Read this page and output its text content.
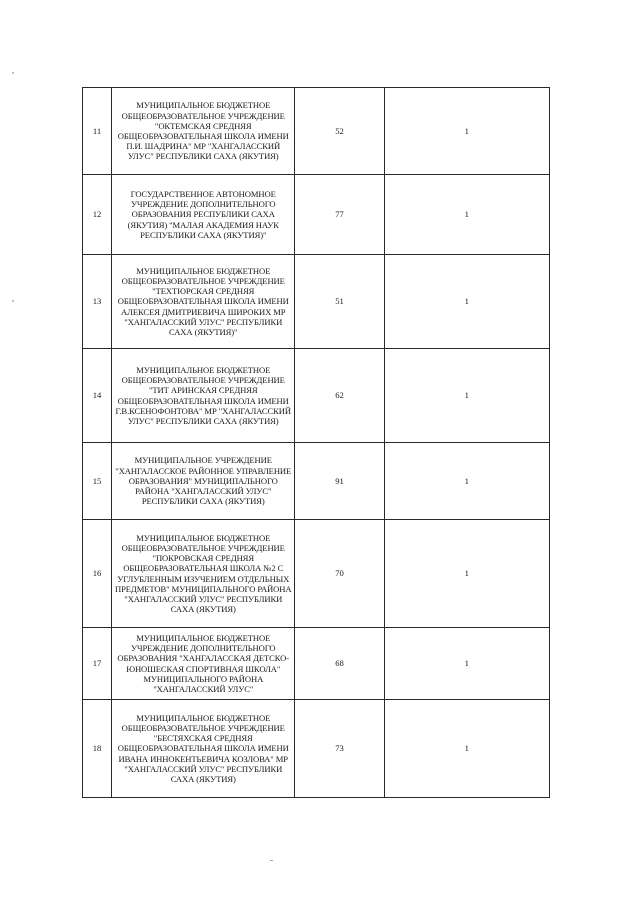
11	МУНИЦИПАЛЬНОЕ БЮДЖЕТНОЕ ОБЩЕОБРАЗОВАТЕЛЬНОЕ УЧРЕЖДЕНИЕ "ОКТЕМСКАЯ СРЕДНЯЯ ОБЩЕОБРАЗОВАТЕЛЬНАЯ ШКОЛА ИМЕНИ П.И. ШАДРИНА" МР "ХАНГАЛАССКИЙ УЛУС" РЕСПУБЛИКИ САХА (ЯКУТИЯ)	52	1
12	ГОСУДАРСТВЕННОЕ АВТОНОМНОЕ УЧРЕЖДЕНИЕ ДОПОЛНИТЕЛЬНОГО ОБРАЗОВАНИЯ РЕСПУБЛИКИ САХА (ЯКУТИЯ) "МАЛАЯ АКАДЕМИЯ НАУК РЕСПУБЛИКИ САХА (ЯКУТИЯ)"	77	1
13	МУНИЦИПАЛЬНОЕ БЮДЖЕТНОЕ ОБЩЕОБРАЗОВАТЕЛЬНОЕ УЧРЕЖДЕНИЕ "ТЕХТЮРСКАЯ СРЕДНЯЯ ОБЩЕОБРАЗОВАТЕЛЬНАЯ ШКОЛА ИМЕНИ АЛЕКСЕЯ ДМИТРИЕВИЧА ШИРОКИХ МР "ХАНГАЛАССКИЙ УЛУС" РЕСПУБЛИКИ САХА (ЯКУТИЯ)"	51	1
14	МУНИЦИПАЛЬНОЕ БЮДЖЕТНОЕ ОБЩЕОБРАЗОВАТЕЛЬНОЕ УЧРЕЖДЕНИЕ "ТИТ АРИНСКАЯ СРЕДНЯЯ ОБЩЕОБРАЗОВАТЕЛЬНАЯ ШКОЛА ИМЕНИ Г.В.КСЕНОФОНТОВА" МР "ХАНГАЛАССКИЙ УЛУС" РЕСПУБЛИКИ САХА (ЯКУТИЯ)	62	1
15	МУНИЦИПАЛЬНОЕ УЧРЕЖДЕНИЕ "ХАНГАЛАССКОЕ РАЙОННОЕ УПРАВЛЕНИЕ ОБРАЗОВАНИЯ" МУНИЦИПАЛЬНОГО РАЙОНА "ХАНГАЛАССКИЙ УЛУС" РЕСПУБЛИКИ САХА (ЯКУТИЯ)	91	1
16	МУНИЦИПАЛЬНОЕ БЮДЖЕТНОЕ ОБЩЕОБРАЗОВАТЕЛЬНОЕ УЧРЕЖДЕНИЕ "ПОКРОВСКАЯ СРЕДНЯЯ ОБЩЕОБРАЗОВАТЕЛЬНАЯ ШКОЛА №2 С УГЛУБЛЕННЫМ ИЗУЧЕНИЕМ ОТДЕЛЬНЫХ ПРЕДМЕТОВ" МУНИЦИПАЛЬНОГО РАЙОНА "ХАНГАЛАССКИЙ УЛУС" РЕСПУБЛИКИ САХА (ЯКУТИЯ)	70	1
17	МУНИЦИПАЛЬНОЕ БЮДЖЕТНОЕ УЧРЕЖДЕНИЕ ДОПОЛНИТЕЛЬНОГО ОБРАЗОВАНИЯ "ХАНГАЛАССКАЯ ДЕТСКО-ЮНОШЕСКАЯ СПОРТИВНАЯ ШКОЛА" МУНИЦИПАЛЬНОГО РАЙОНА "ХАНГАЛАССКИЙ УЛУС"	68	1
18	МУНИЦИПАЛЬНОЕ БЮДЖЕТНОЕ ОБЩЕОБРАЗОВАТЕЛЬНОЕ УЧРЕЖДЕНИЕ "БЕСТЯХСКАЯ СРЕДНЯЯ ОБЩЕОБРАЗОВАТЕЛЬНАЯ ШКОЛА ИМЕНИ ИВАНА ИННОКЕНТЬЕВИЧА КОЗЛОВА" МР "ХАНГАЛАССКИЙ УЛУС" РЕСПУБЛИКИ САХА (ЯКУТИЯ)	73	1
